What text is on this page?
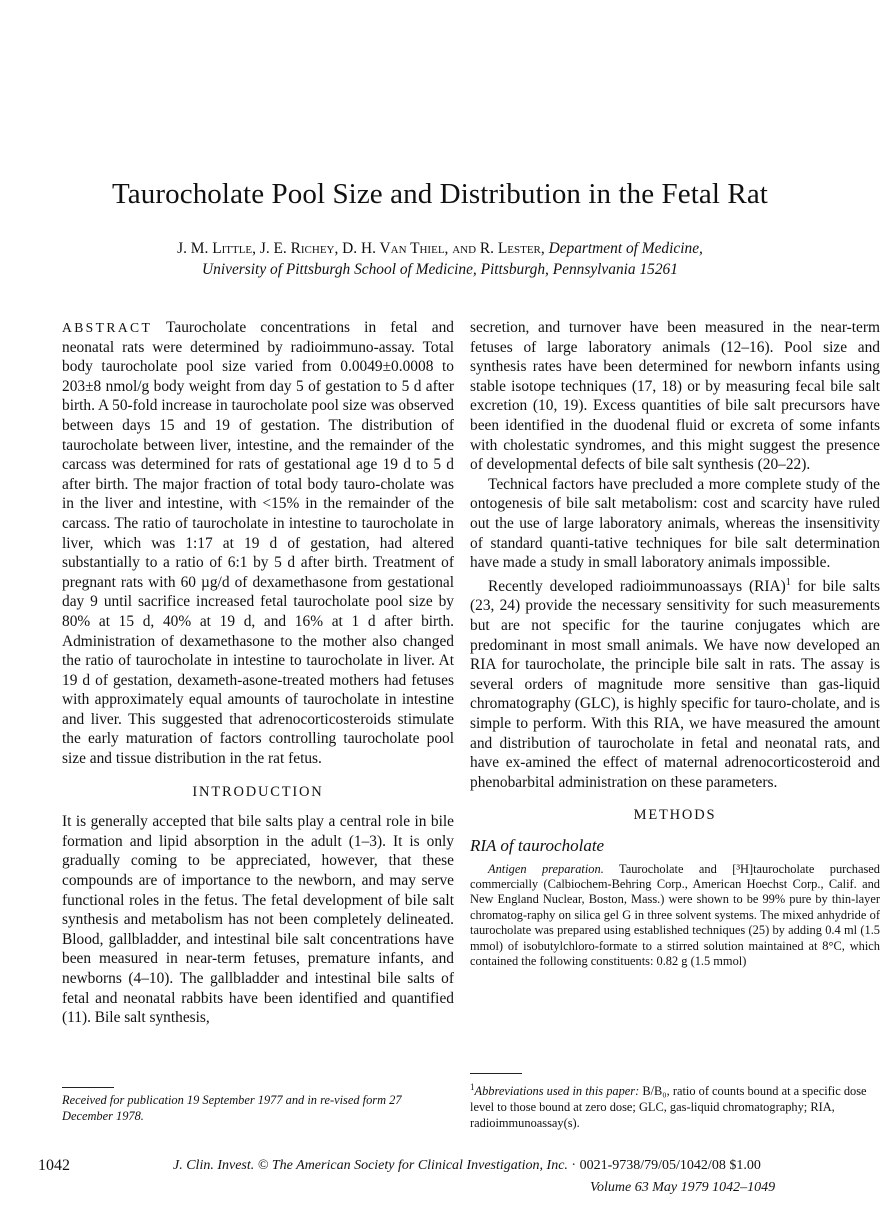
Taurocholate Pool Size and Distribution in the Fetal Rat
J. M. Little, J. E. Richey, D. H. Van Thiel, and R. Lester, Department of Medicine,
University of Pittsburgh School of Medicine, Pittsburgh, Pennsylvania 15261

ABSTRACT Taurocholate concentrations in fetal and neonatal rats were determined by radioimmuno-assay. Total body taurocholate pool size varied from 0.0049±0.0008 to 203±8 nmol/g body weight from day 5 of gestation to 5 d after birth. A 50-fold increase in taurocholate pool size was observed between days 15 and 19 of gestation. The distribution of taurocholate between liver, intestine, and the remainder of the carcass was determined for rats of gestational age 19 d to 5 d after birth. The major fraction of total body tauro-cholate was in the liver and intestine, with <15% in the remainder of the carcass. The ratio of taurocholate in intestine to taurocholate in liver, which was 1:17 at 19 d of gestation, had altered substantially to a ratio of 6:1 by 5 d after birth. Treatment of pregnant rats with 60 µg/d of dexamethasone from gestational day 9 until sacrifice increased fetal taurocholate pool size by 80% at 15 d, 40% at 19 d, and 16% at 1 d after birth. Administration of dexamethasone to the mother also changed the ratio of taurocholate in intestine to taurocholate in liver. At 19 d of gestation, dexameth-asone-treated mothers had fetuses with approximately equal amounts of taurocholate in intestine and liver. This suggested that adrenocorticosteroids stimulate the early maturation of factors controlling taurocholate pool size and tissue distribution in the rat fetus.

INTRODUCTION

It is generally accepted that bile salts play a central role in bile formation and lipid absorption in the adult (1–3). It is only gradually coming to be appreciated, however, that these compounds are of importance to the newborn, and may serve functional roles in the fetus. The fetal development of bile salt synthesis and metabolism has not been completely delineated. Blood, gallbladder, and intestinal bile salt concentrations have been measured in near-term fetuses, premature infants, and newborns (4–10). The gallbladder and intestinal bile salts of fetal and neonatal rabbits have been identified and quantified (11). Bile salt synthesis,

secretion, and turnover have been measured in the near-term fetuses of large laboratory animals (12–16). Pool size and synthesis rates have been determined for newborn infants using stable isotope techniques (17, 18) or by measuring fecal bile salt excretion (10, 19). Excess quantities of bile salt precursors have been identified in the duodenal fluid or excreta of some infants with cholestatic syndromes, and this might suggest the presence of developmental defects of bile salt synthesis (20–22).

Technical factors have precluded a more complete study of the ontogenesis of bile salt metabolism: cost and scarcity have ruled out the use of large laboratory animals, whereas the insensitivity of standard quanti-tative techniques for bile salt determination have made a study in small laboratory animals impossible.

Recently developed radioimmunoassays (RIA)$^1$ for bile salts (23, 24) provide the necessary sensitivity for such measurements but are not specific for the taurine conjugates which are predominant in most small animals. We have now developed an RIA for taurocholate, the principle bile salt in rats. The assay is several orders of magnitude more sensitive than gas-liquid chromatography (GLC), is highly specific for tauro-cholate, and is simple to perform. With this RIA, we have measured the amount and distribution of taurocholate in fetal and neonatal rats, and have ex-amined the effect of maternal adrenocorticosteroid and phenobarbital administration on these parameters.

METHODS
RIA of taurocholate

Antigen preparation. Taurocholate and [³H]taurocholate purchased commercially (Calbiochem-Behring Corp., American Hoechst Corp., Calif. and New England Nuclear, Boston, Mass.) were shown to be 99% pure by thin-layer chromatog-raphy on silica gel G in three solvent systems. The mixed anhydride of taurocholate was prepared using established techniques (25) by adding 0.4 ml (1.5 mmol) of isobutylchloro-formate to a stirred solution maintained at 8°C, which contained the following constituents: 0.82 g (1.5 mmol)

Received for publication 19 September 1977 and in re-vised form 27 December 1978.
$^1$Abbreviations used in this paper: B/B₀, ratio of counts bound at a specific dose level to those bound at zero dose; GLC, gas-liquid chromatography; RIA, radioimmunoassay(s).
1042	J. Clin. Invest. © The American Society for Clinical Investigation, Inc. · 0021-9738/79/05/1042/08 $1.00
Volume 63 May 1979 1042–1049
